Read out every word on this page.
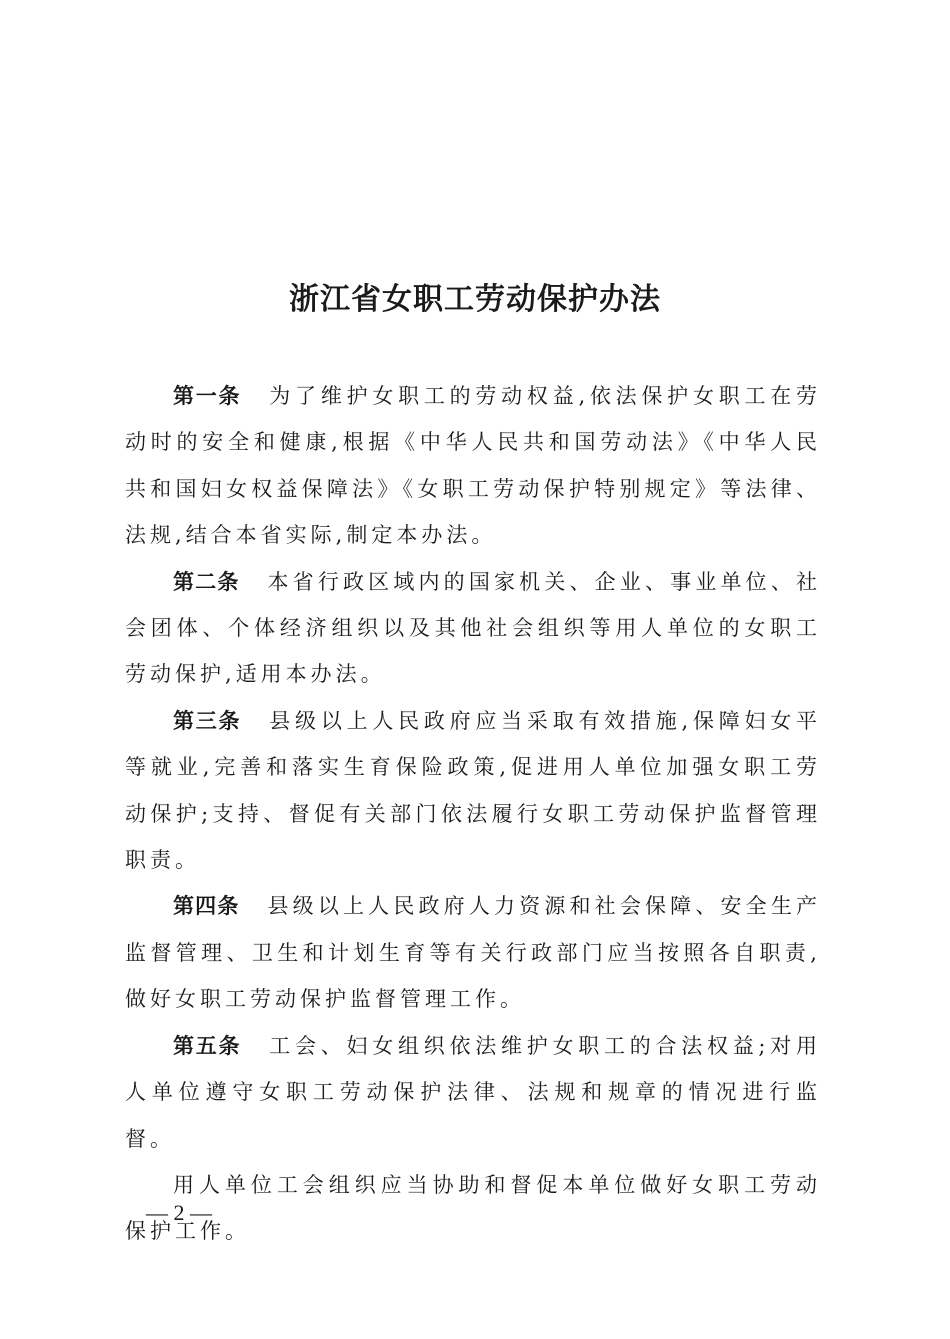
浙江省女职工劳动保护办法

第一条 为了维护女职工的劳动权益,依法保护女职工在劳动时的安全和健康,根据《中华人民共和国劳动法》《中华人民共和国妇女权益保障法》《女职工劳动保护特别规定》等法律、法规,结合本省实际,制定本办法。

第二条 本省行政区域内的国家机关、企业、事业单位、社会团体、个体经济组织以及其他社会组织等用人单位的女职工劳动保护,适用本办法。

第三条 县级以上人民政府应当采取有效措施,保障妇女平等就业,完善和落实生育保险政策,促进用人单位加强女职工劳动保护;支持、督促有关部门依法履行女职工劳动保护监督管理职责。

第四条 县级以上人民政府人力资源和社会保障、安全生产监督管理、卫生和计划生育等有关行政部门应当按照各自职责,做好女职工劳动保护监督管理工作。

第五条 工会、妇女组织依法维护女职工的合法权益;对用人单位遵守女职工劳动保护法律、法规和规章的情况进行监督。

用人单位工会组织应当协助和督促本单位做好女职工劳动保护工作。

— 2 —
